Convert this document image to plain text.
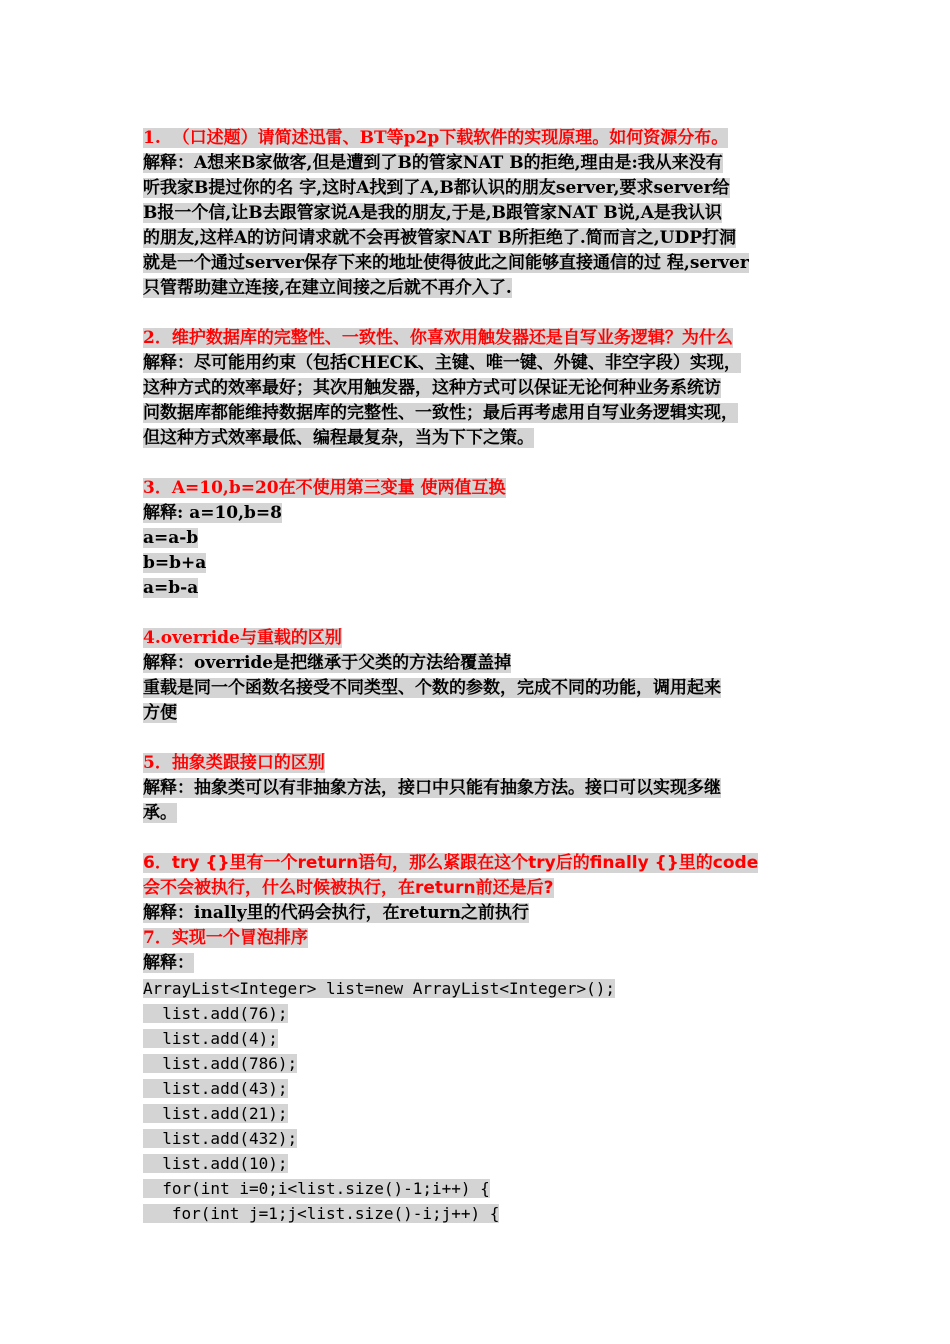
1.  （口述题）请简述迅雷、BT等p2p下载软件的实现原理。如何资源分布。
解释：A想来B家做客,但是遭到了B的管家NAT B的拒绝,理由是:我从来没有
听我家B提过你的名 字,这时A找到了A,B都认识的朋友server,要求server给
B报一个信,让B去跟管家说A是我的朋友,于是,B跟管家NAT B说,A是我认识
的朋友,这样A的访问请求就不会再被管家NAT B所拒绝了.简而言之,UDP打洞
就是一个通过server保存下来的地址使得彼此之间能够直接通信的过 程,server
只管帮助建立连接,在建立间接之后就不再介入了.
2．维护数据库的完整性、一致性、你喜欢用触发器还是自写业务逻辑？为什么
解释：尽可能用约束（包括CHECK、主键、唯一键、外键、非空字段）实现，
这种方式的效率最好；其次用触发器，这种方式可以保证无论何种业务系统访
问数据库都能维持数据库的完整性、一致性；最后再考虑用自写业务逻辑实现，
但这种方式效率最低、编程最复杂，当为下下之策。
3．A=10,b=20在不使用第三变量 使两值互换
解释: a=10,b=8
a=a-b
b=b+a
a=b-a
4.override与重载的区别
解释：override是把继承于父类的方法给覆盖掉
重载是同一个函数名接受不同类型、个数的参数，完成不同的功能，调用起来
方便
5．抽象类跟接口的区别
解释：抽象类可以有非抽象方法，接口中只能有抽象方法。接口可以实现多继
承。
6．try {}里有一个return语句，那么紧跟在这个try后的finally {}里的code
会不会被执行，什么时候被执行，在return前还是后?
解释：inally里的代码会执行，在return之前执行
7．实现一个冒泡排序
解释：
ArrayList<Integer> list=new ArrayList<Integer>();
list.add(76);
list.add(4);
list.add(786);
list.add(43);
list.add(21);
list.add(432);
list.add(10);
for(int i=0;i<list.size()-1;i++) {
for(int j=1;j<list.size()-i;j++) {
